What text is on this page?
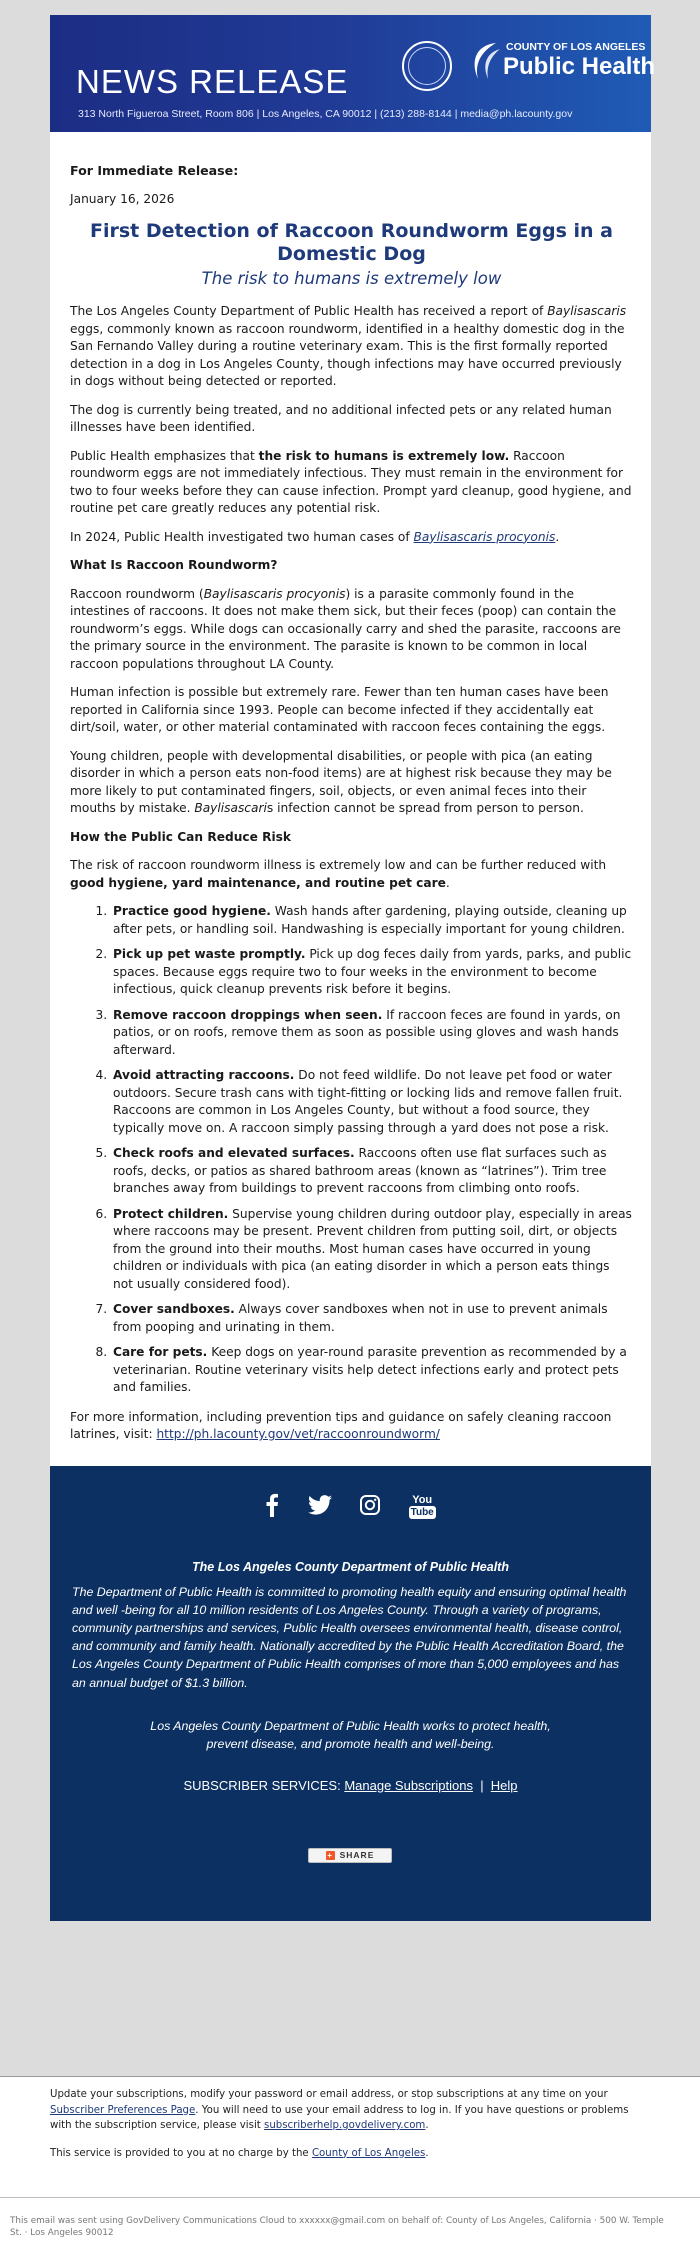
NEWS RELEASE
313 North Figueroa Street, Room 806 | Los Angeles, CA 90012 | (213) 288-8144 | media@ph.lacounty.gov
COUNTY OF LOS ANGELES
Public Health

For Immediate Release:

January 16, 2026

First Detection of Raccoon Roundworm Eggs in a Domestic Dog
The risk to humans is extremely low

The Los Angeles County Department of Public Health has received a report of Baylisascaris eggs, commonly known as raccoon roundworm, identified in a healthy domestic dog in the San Fernando Valley during a routine veterinary exam. This is the first formally reported detection in a dog in Los Angeles County, though infections may have occurred previously in dogs without being detected or reported.

The dog is currently being treated, and no additional infected pets or any related human illnesses have been identified.

Public Health emphasizes that the risk to humans is extremely low. Raccoon roundworm eggs are not immediately infectious. They must remain in the environment for two to four weeks before they can cause infection. Prompt yard cleanup, good hygiene, and routine pet care greatly reduces any potential risk.

In 2024, Public Health investigated two human cases of Baylisascaris procyonis.

What Is Raccoon Roundworm?

Raccoon roundworm (Baylisascaris procyonis) is a parasite commonly found in the intestines of raccoons. It does not make them sick, but their feces (poop) can contain the roundworm’s eggs. While dogs can occasionally carry and shed the parasite, raccoons are the primary source in the environment. The parasite is known to be common in local raccoon populations throughout LA County.

Human infection is possible but extremely rare. Fewer than ten human cases have been reported in California since 1993. People can become infected if they accidentally eat dirt/soil, water, or other material contaminated with raccoon feces containing the eggs.

Young children, people with developmental disabilities, or people with pica (an eating disorder in which a person eats non-food items) are at highest risk because they may be more likely to put contaminated fingers, soil, objects, or even animal feces into their mouths by mistake. Baylisascaris infection cannot be spread from person to person.

How the Public Can Reduce Risk

The risk of raccoon roundworm illness is extremely low and can be further reduced with good hygiene, yard maintenance, and routine pet care.

1. Practice good hygiene. Wash hands after gardening, playing outside, cleaning up after pets, or handling soil. Handwashing is especially important for young children.
2. Pick up pet waste promptly. Pick up dog feces daily from yards, parks, and public spaces. Because eggs require two to four weeks in the environment to become infectious, quick cleanup prevents risk before it begins.
3. Remove raccoon droppings when seen. If raccoon feces are found in yards, on patios, or on roofs, remove them as soon as possible using gloves and wash hands afterward.
4. Avoid attracting raccoons. Do not feed wildlife. Do not leave pet food or water outdoors. Secure trash cans with tight-fitting or locking lids and remove fallen fruit. Raccoons are common in Los Angeles County, but without a food source, they typically move on. A raccoon simply passing through a yard does not pose a risk.
5. Check roofs and elevated surfaces. Raccoons often use flat surfaces such as roofs, decks, or patios as shared bathroom areas (known as “latrines”). Trim tree branches away from buildings to prevent raccoons from climbing onto roofs.
6. Protect children. Supervise young children during outdoor play, especially in areas where raccoons may be present. Prevent children from putting soil, dirt, or objects from the ground into their mouths. Most human cases have occurred in young children or individuals with pica (an eating disorder in which a person eats things not usually considered food).
7. Cover sandboxes. Always cover sandboxes when not in use to prevent animals from pooping and urinating in them.
8. Care for pets. Keep dogs on year-round parasite prevention as recommended by a veterinarian. Routine veterinary visits help detect infections early and protect pets and families.

For more information, including prevention tips and guidance on safely cleaning raccoon latrines, visit: http://ph.lacounty.gov/vet/raccoonroundworm/

You
Tube
The Los Angeles County Department of Public Health
The Department of Public Health is committed to promoting health equity and ensuring optimal health and well -being for all 10 million residents of Los Angeles County. Through a variety of programs, community partnerships and services, Public Health oversees environmental health, disease control, and community and family health. Nationally accredited by the Public Health Accreditation Board, the Los Angeles County Department of Public Health comprises of more than 5,000 employees and has an annual budget of $1.3 billion.
Los Angeles County Department of Public Health works to protect health,
prevent disease, and promote health and well-being.
SUBSCRIBER SERVICES: Manage Subscriptions  |  Help
+ SHARE

Update your subscriptions, modify your password or email address, or stop subscriptions at any time on your Subscriber Preferences Page. You will need to use your email address to log in. If you have questions or problems with the subscription service, please visit subscriberhelp.govdelivery.com.

This service is provided to you at no charge by the County of Los Angeles.

This email was sent using GovDelivery Communications Cloud to xxxxxx@gmail.com on behalf of: County of Los Angeles, California · 500 W. Temple St. · Los Angeles 90012
